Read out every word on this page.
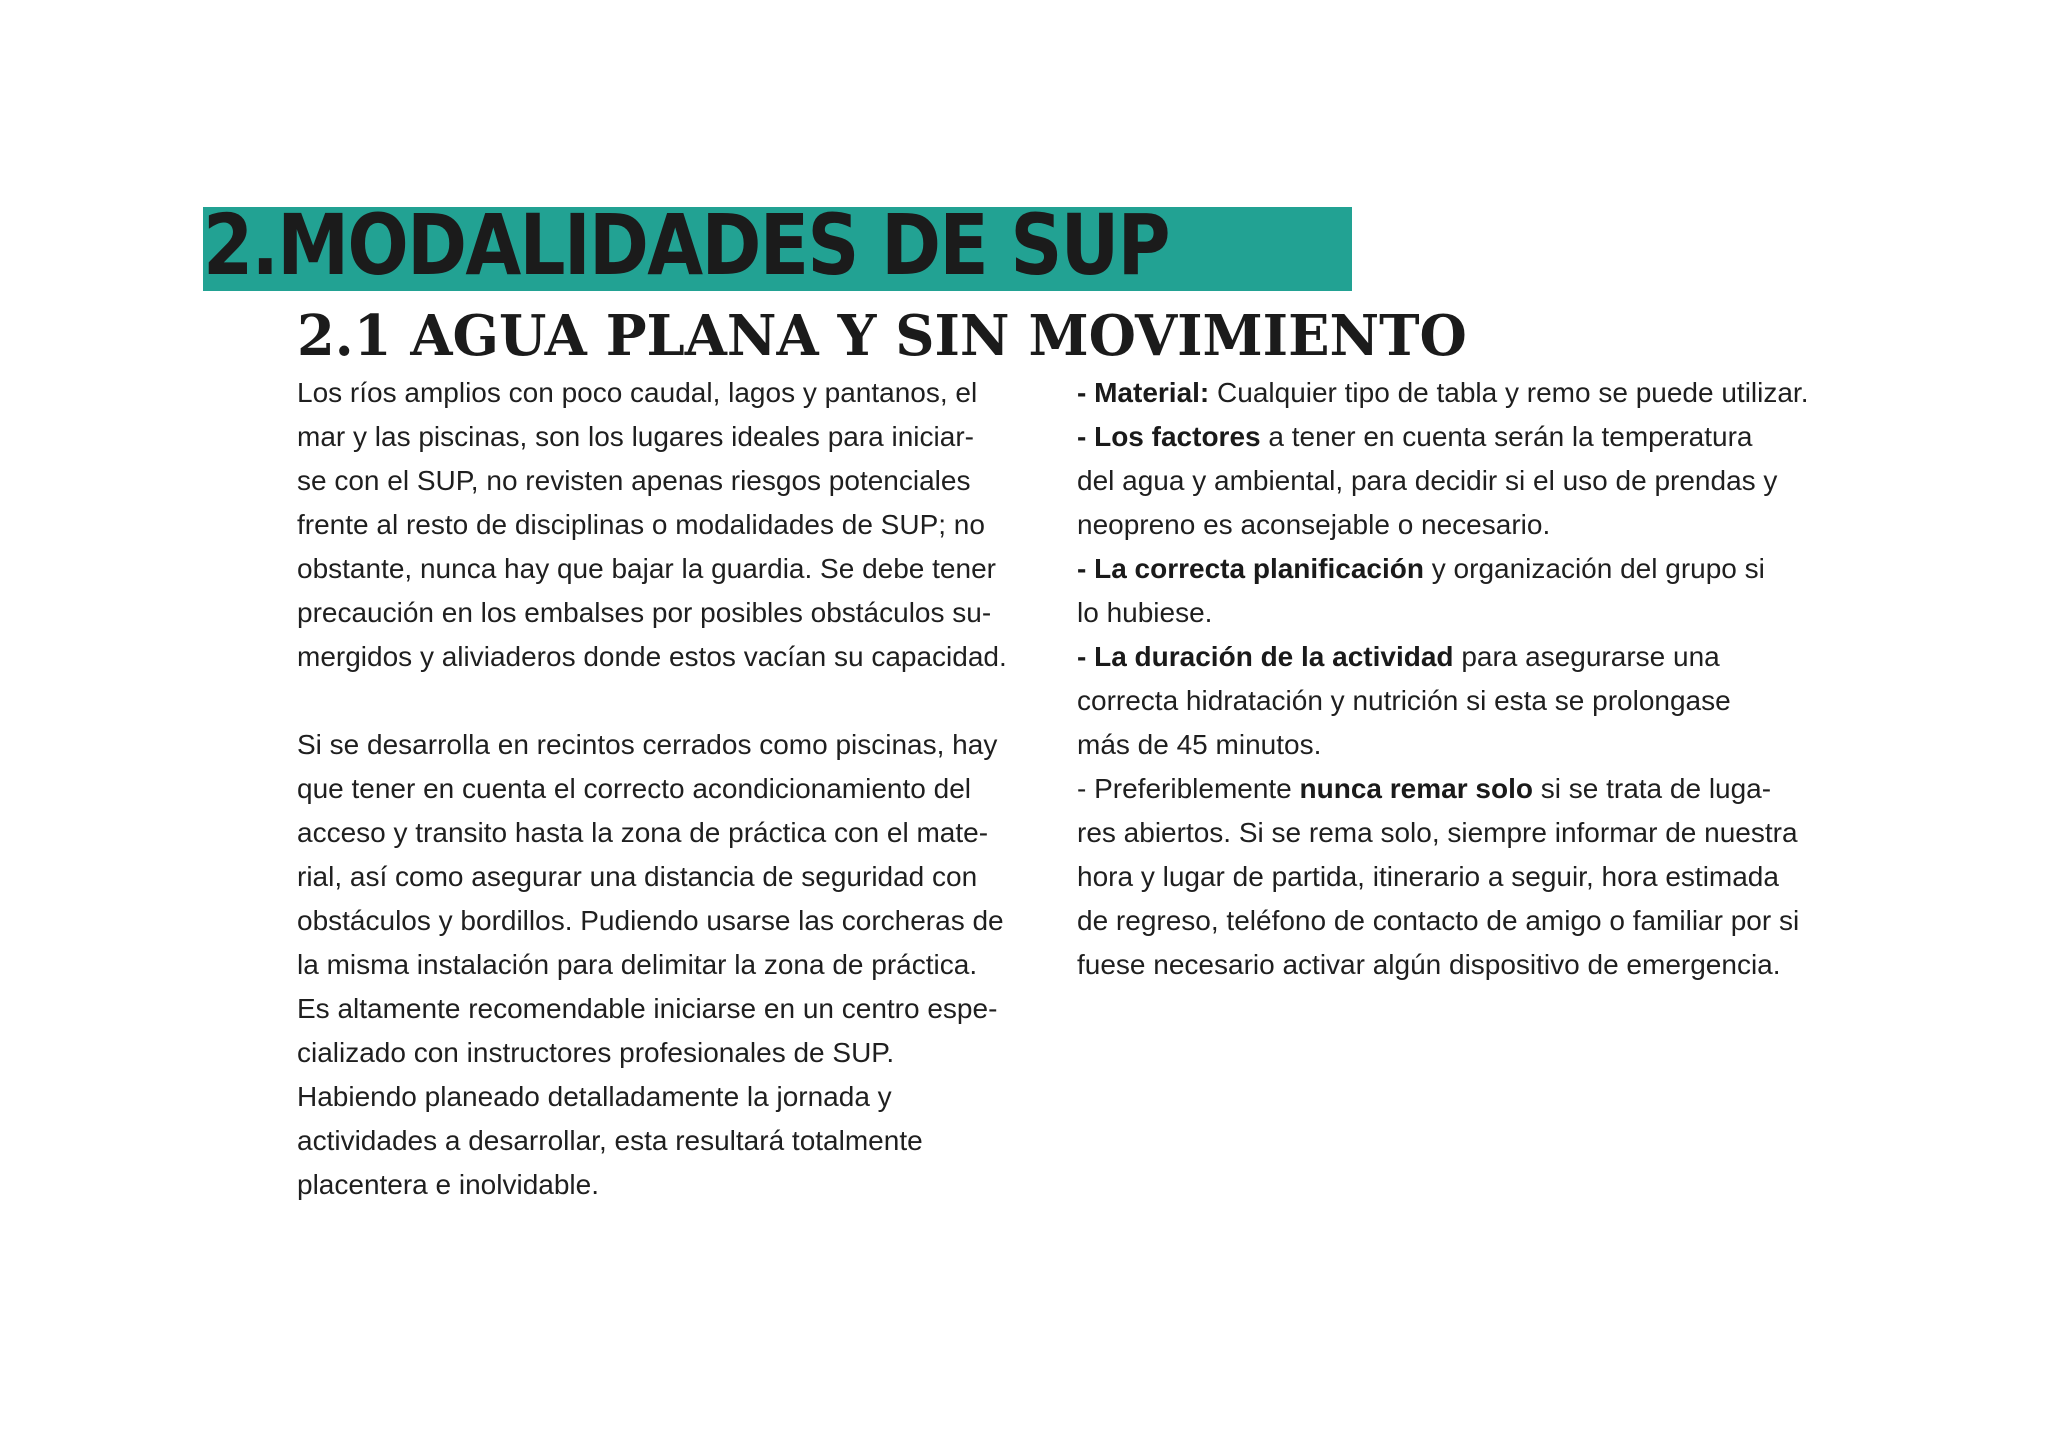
2.MODALIDADES DE SUP
2.1 AGUA PLANA Y SIN MOVIMIENTO
Los ríos amplios con poco caudal, lagos y pantanos, el
mar y las piscinas, son los lugares ideales para iniciar-
se con el SUP, no revisten apenas riesgos potenciales
frente al resto de disciplinas o modalidades de SUP; no
obstante, nunca hay que bajar la guardia. Se debe tener
precaución en los embalses por posibles obstáculos su-
mergidos y aliviaderos donde estos vacían su capacidad.
Si se desarrolla en recintos cerrados como piscinas, hay
que tener en cuenta el correcto acondicionamiento del
acceso y transito hasta la zona de práctica con el mate-
rial, así como asegurar una distancia de seguridad con
obstáculos y bordillos. Pudiendo usarse las corcheras de
la misma instalación para delimitar la zona de práctica.
Es altamente recomendable iniciarse en un centro espe-
cializado con instructores profesionales de SUP.
Habiendo planeado detalladamente la jornada y
actividades a desarrollar, esta resultará totalmente
placentera e inolvidable.
- Material: Cualquier tipo de tabla y remo se puede utilizar.
- Los factores a tener en cuenta serán la temperatura
del agua y ambiental, para decidir si el uso de prendas y
neopreno es aconsejable o necesario.
- La correcta planificación y organización del grupo si
lo hubiese.
- La duración de la actividad para asegurarse una
correcta hidratación y nutrición si esta se prolongase
más de 45 minutos.
- Preferiblemente nunca remar solo si se trata de luga-
res abiertos. Si se rema solo, siempre informar de nuestra
hora y lugar de partida, itinerario a seguir, hora estimada
de regreso, teléfono de contacto de amigo o familiar por si
fuese necesario activar algún dispositivo de emergencia.
